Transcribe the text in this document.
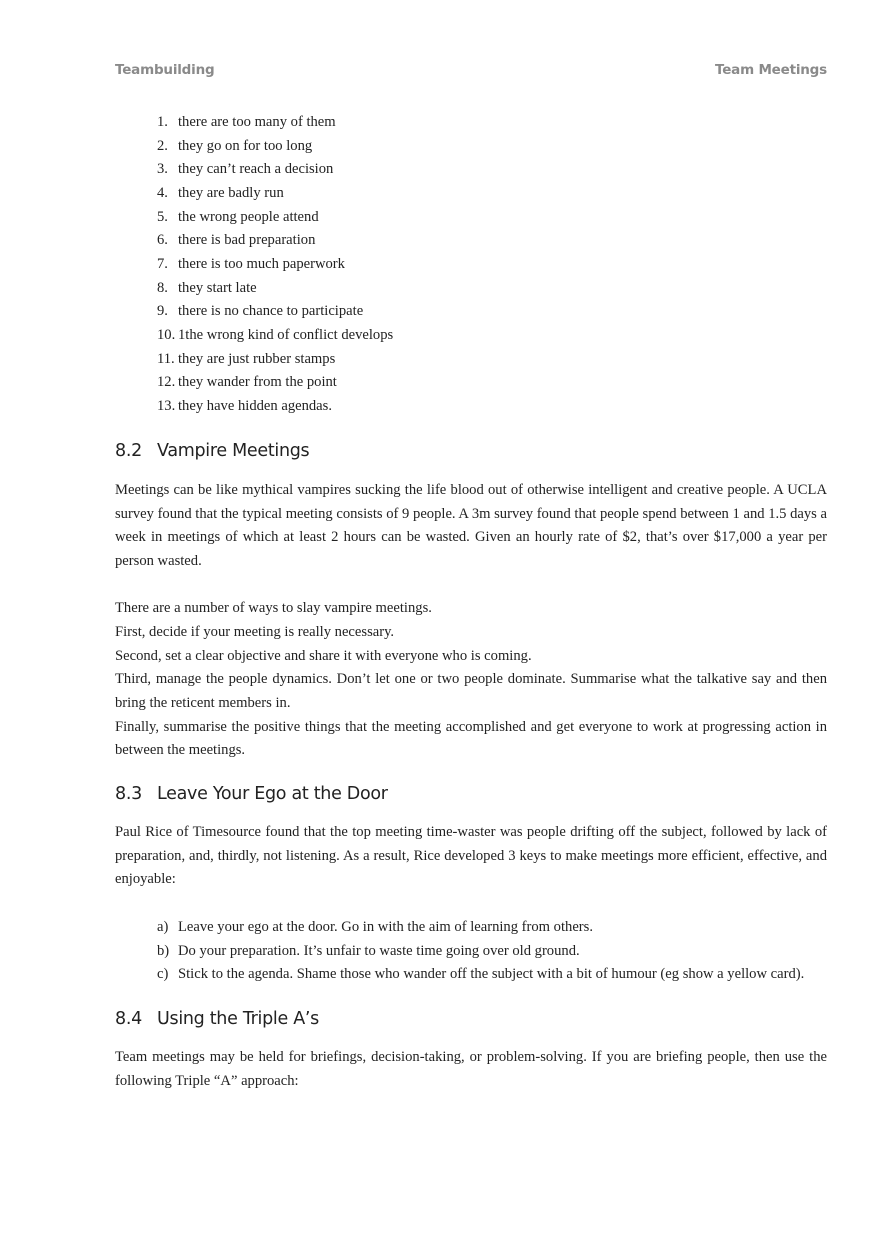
Teambuilding	Team Meetings
1. there are too many of them
2. they go on for too long
3. they can’t reach a decision
4. they are badly run
5. the wrong people attend
6. there is bad preparation
7. there is too much paperwork
8. they start late
9. there is no chance to participate
10. 1the wrong kind of conflict develops
11. they are just rubber stamps
12. they wander from the point
13. they have hidden agendas.
8.2 Vampire Meetings

Meetings can be like mythical vampires sucking the life blood out of otherwise intelligent and creative people. A UCLA survey found that the typical meeting consists of 9 people. A 3m survey found that people spend between 1 and 1.5 days a week in meetings of which at least 2 hours can be wasted. Given an hourly rate of $2, that’s over $17,000 a year per person wasted.

There are a number of ways to slay vampire meetings.

First, decide if your meeting is really necessary.

Second, set a clear objective and share it with everyone who is coming.

Third, manage the people dynamics. Don’t let one or two people dominate. Summarise what the talkative say and then bring the reticent members in.

Finally, summarise the positive things that the meeting accomplished and get everyone to work at progressing action in between the meetings.

8.3 Leave Your Ego at the Door

Paul Rice of Timesource found that the top meeting time-waster was people drifting off the subject, followed by lack of preparation, and, thirdly, not listening. As a result, Rice developed 3 keys to make meetings more efficient, effective, and enjoyable:

a) Leave your ego at the door. Go in with the aim of learning from others.
b) Do your preparation. It’s unfair to waste time going over old ground.
c) Stick to the agenda. Shame those who wander off the subject with a bit of humour (eg show a yellow card).
8.4 Using the Triple A’s

Team meetings may be held for briefings, decision-taking, or problem-solving. If you are briefing people, then use the following Triple “A” approach:
